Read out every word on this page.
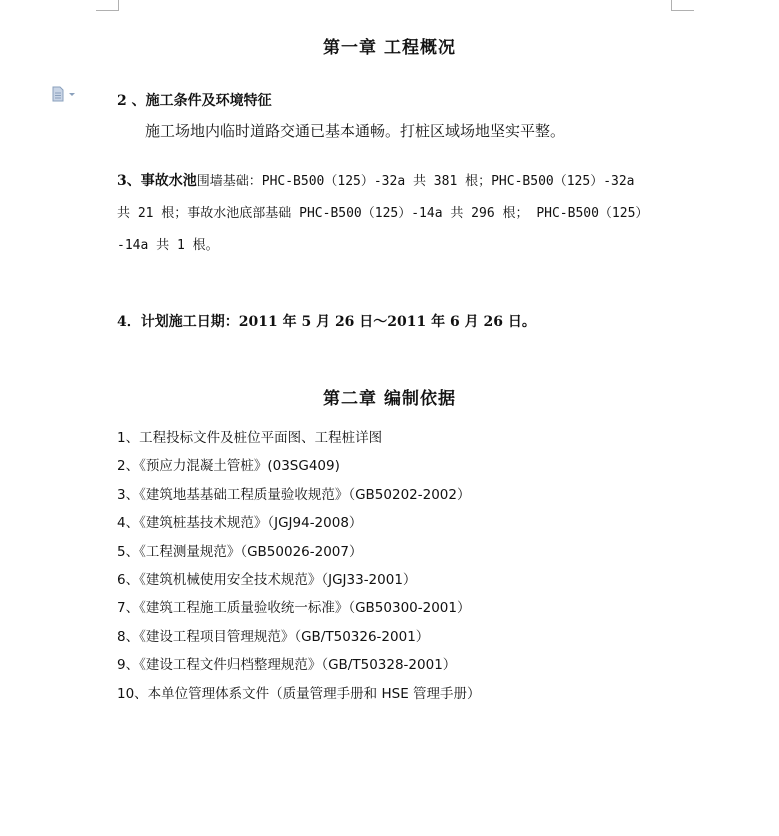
第一章 工程概况
2 、施工条件及环境特征
施工场地内临时道路交通已基本通畅。打桩区域场地坚实平整。
3、事故水池围墙基础：PHC-B500（125）-32a 共 381 根；PHC-B500（125）-32a
共 21 根；事故水池底部基础 PHC-B500（125）-14a 共 296 根； PHC-B500（125）
-14a 共 1 根。
4．计划施工日期：2011 年 5 月 26 日～2011 年 6 月 26 日。
第二章 编制依据
1、工程投标文件及桩位平面图、工程桩详图
2、《预应力混凝土管桩》(03SG409)
3、《建筑地基基础工程质量验收规范》（GB50202-2002）
4、《建筑桩基技术规范》（JGJ94-2008）
5、《工程测量规范》（GB50026-2007）
6、《建筑机械使用安全技术规范》（JGJ33-2001）
7、《建筑工程施工质量验收统一标准》（GB50300-2001）
8、《建设工程项目管理规范》（GB/T50326-2001）
9、《建设工程文件归档整理规范》（GB/T50328-2001）
10、本单位管理体系文件（质量管理手册和 HSE 管理手册）
